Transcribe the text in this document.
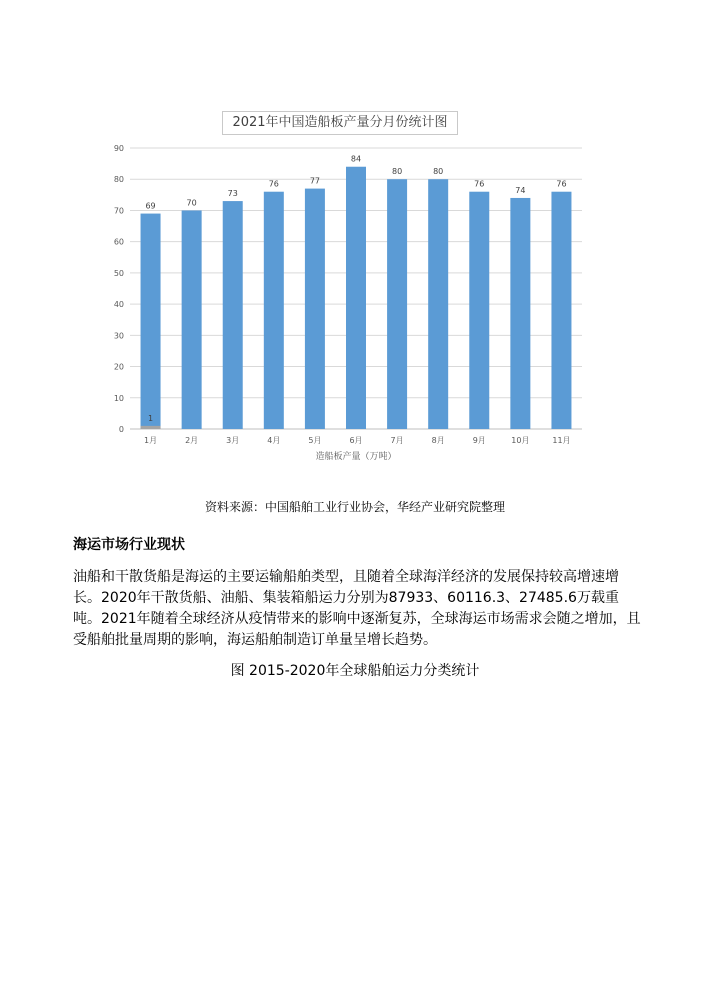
0
10
20
30
40
50
60
70
80
90
1月
69
1
2月
70
3月
73
4月
76
5月
77
6月
84
7月
80
8月
80
9月
76
10月
74
11月
76
造船板产量（万吨）
2021年中国造船板产量分月份统计图
资料来源：中国船舶工业行业协会，华经产业研究院整理
海运市场行业现状
油船和干散货船是海运的主要运输船舶类型，且随着全球海洋经济的发展保持较高增速增长。2020年干散货船、油船、集装箱船运力分别为87933、60116.3、27485.6万载重吨。2021年随着全球经济从疫情带来的影响中逐渐复苏，全球海运市场需求会随之增加，且受船舶批量周期的影响，海运船舶制造订单量呈增长趋势。
图 2015-2020年全球船舶运力分类统计
